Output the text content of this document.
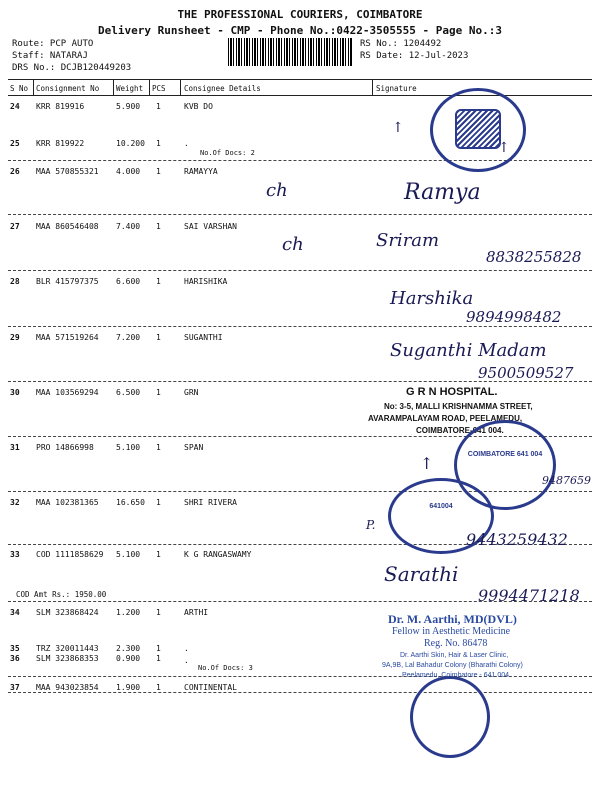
THE PROFESSIONAL COURIERS, COIMBATORE
Delivery Runsheet - CMP - Phone No.:0422-3505555 - Page No.:3
Route: PCP AUTO
Staff: NATARAJ
DRS No.: DCJB120449203
RS No.: 1204492
RS Date: 12-Jul-2023
S No Consignment No Weight PCS Consignee Details	Signature
24 KRR 819916	5.900 1	KVB DO
25 KRR 819922	10.200 1	.
No.Of Docs: 2
26 MAA 570855321 4.000 1	RAMAYYA
27 MAA 860546408 7.400 1	SAI VARSHAN
28 BLR 415797375 6.600 1	HARISHIKA
29 MAA 571519264 7.200 1	SUGANTHI
30 MAA 103569294 6.500 1	GRN
31 PRO 14866998	5.100 1	SPAN
32 MAA 102381365 16.650 1	SHRI RIVERA
33 COD 1111858629 5.100 1	K G RANGASWAMY
COD Amt Rs.: 1950.00
34 SLM 323868424 1.200 1	ARTHI
35 TRZ 320011443 2.300 1	.
36 SLM 323868353 0.900 1	.
No.Of Docs: 3
37 MAA 943023854 1.900 1	CONTINENTAL
↑
↑
ch
ch
Ramya
Sriram
8838255828
Harshika
9894998482
Suganthi Madam
9500509527
G R N HOSPITAL.
No: 3-5, MALLI KRISHNAMMA STREET,
AVARAMPALAYAM ROAD, PEELAMEDU,
COIMBATORE-641 004.
COIMBATORE 641 004
↑
9487659
641004
P.
9443259432
Sarathi
9994471218
Dr. M. Aarthi, MD(DVL)
Fellow in Aesthetic Medicine
Reg. No. 86478
Dr. Aarthi Skin, Hair & Laser Clinic,
9A,9B, Lal Bahadur Colony (Bharathi Colony)
Peelamedu, Coimbatore - 641 004.
